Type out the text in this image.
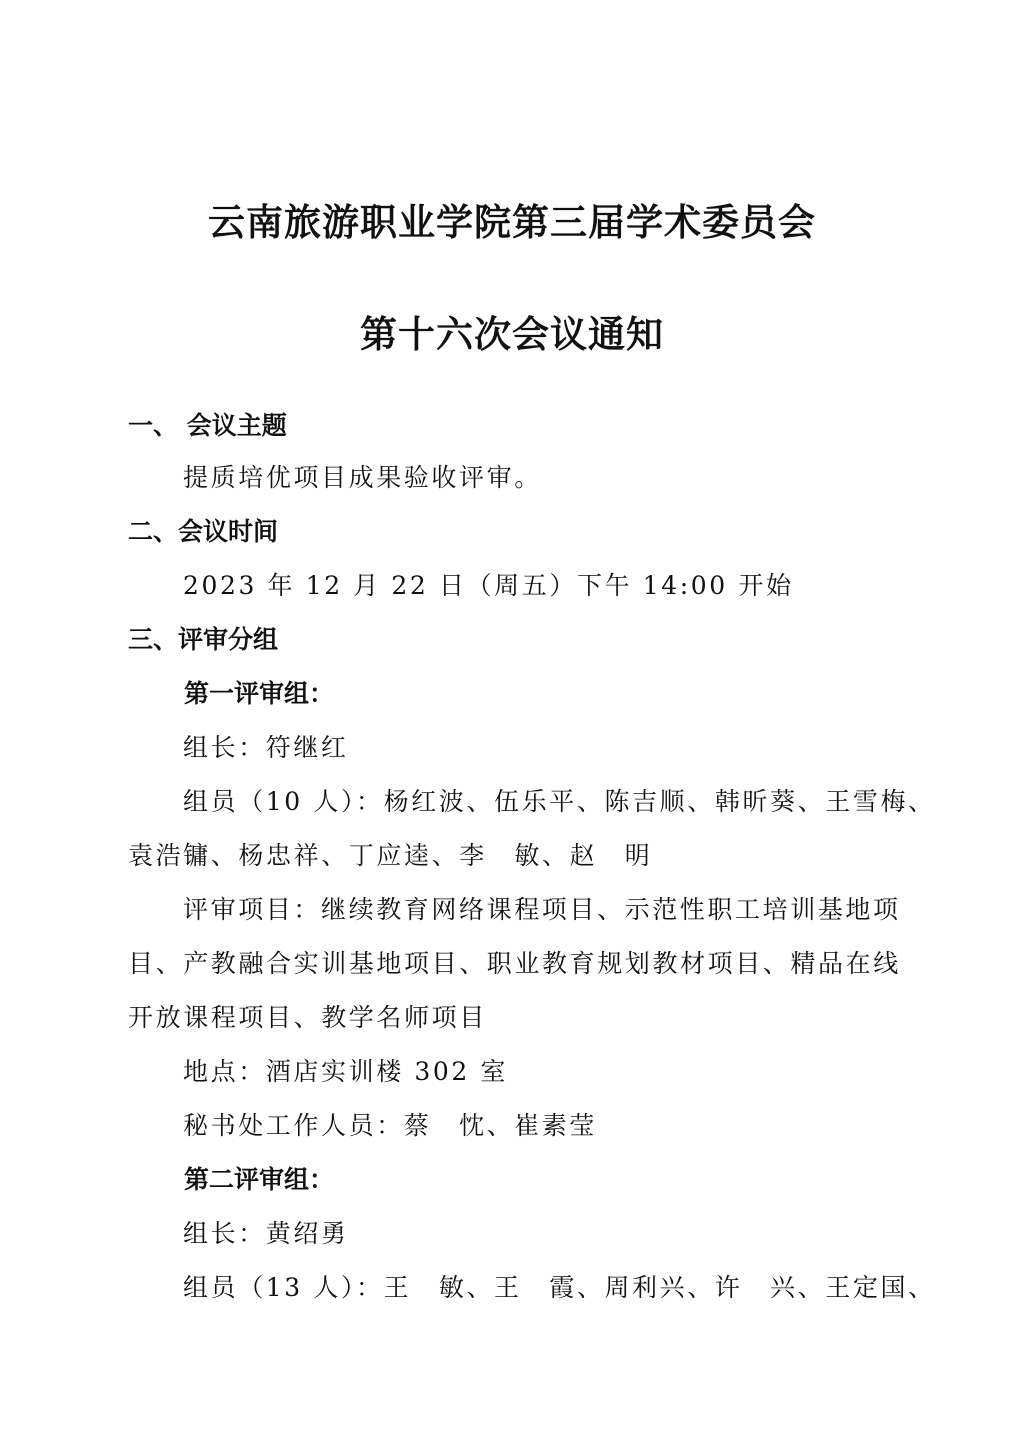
云南旅游职业学院第三届学术委员会
第十六次会议通知
一、 会议主题
提质培优项目成果验收评审。
二、会议时间
2023 年 12 月 22 日（周五）下午 14:00 开始
三、评审分组
第一评审组：
组长：符继红
组员（10 人）：杨红波、伍乐平、陈吉顺、韩昕葵、王雪梅、
袁浩镛、杨忠祥、丁应逵、李　敏、赵　明
评审项目：继续教育网络课程项目、示范性职工培训基地项
目、产教融合实训基地项目、职业教育规划教材项目、精品在线
开放课程项目、教学名师项目
地点：酒店实训楼 302 室
秘书处工作人员：蔡　忱、崔素莹
第二评审组：
组长：黄绍勇
组员（13 人）：王　敏、王　霞、周利兴、许　兴、王定国、
